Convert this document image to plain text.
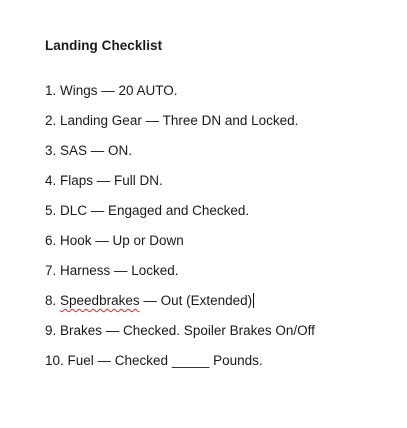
Landing Checklist
1. Wings — 20 AUTO.
2. Landing Gear — Three DN and Locked.
3. SAS — ON.
4. Flaps — Full DN.
5. DLC — Engaged and Checked.
6. Hook — Up or Down
7. Harness — Locked.
8. Speedbrakes — Out (Extended)
9. Brakes — Checked. Spoiler Brakes On/Off
10. Fuel — Checked _____ Pounds.
